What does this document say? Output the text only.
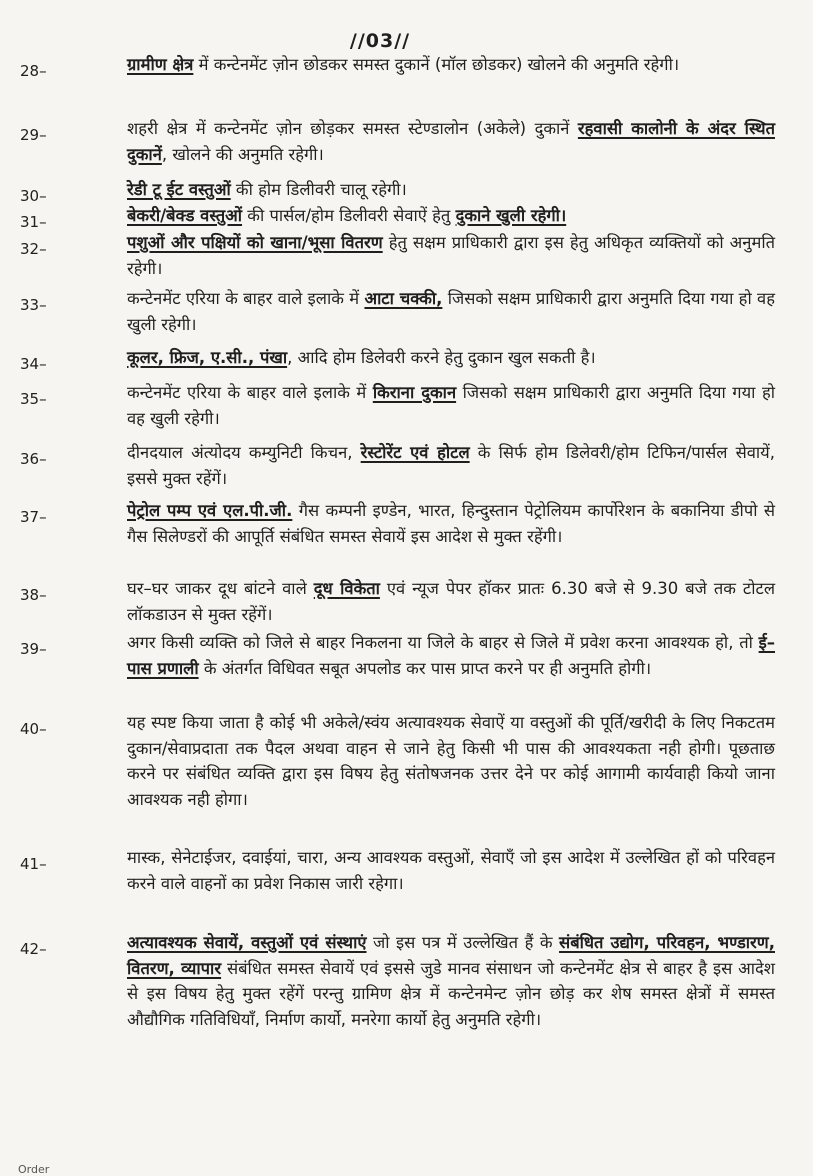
//03//
28–	ग्रामीण क्षेत्र में कन्टेनमेंट ज़ोन छोडकर समस्त दुकानें (मॉल छोडकर) खोलने की अनुमति रहेगी।
29–	शहरी क्षेत्र में कन्टेनमेंट ज़ोन छोड़कर समस्त स्टेण्डालोन (अकेले) दुकानें रहवासी कालोनी के अंदर स्थित दुकानें, खोलने की अनुमति रहेगी।
30–	रेडी टू ईट वस्तुओं की होम डिलीवरी चालू रहेगी।
31–	बेकरी/बेक्ड वस्तुओं की पार्सल/होम डिलीवरी सेवाऐं हेतु दुकाने खुली रहेगी।
32–	पशुओं और पक्षियों को खाना/भूसा वितरण हेतु सक्षम प्राधिकारी द्वारा इस हेतु अधिकृत व्यक्तियों को अनुमति रहेगी।
33–	कन्टेनमेंट एरिया के बाहर वाले इलाके में आटा चक्की, जिसको सक्षम प्राधिकारी द्वारा अनुमति दिया गया हो वह खुली रहेगी।
34–	कूलर, फ्रिज, ए.सी., पंखा, आदि होम डिलेवरी करने हेतु दुकान खुल सकती है।
35–	कन्टेनमेंट एरिया के बाहर वाले इलाके में किराना दुकान जिसको सक्षम प्राधिकारी द्वारा अनुमति दिया गया हो वह खुली रहेगी।
36–	दीनदयाल अंत्योदय कम्युनिटी किचन, रेस्टोरेंट एवं होटल के सिर्फ होम डिलेवरी/होम टिफिन/पार्सल सेवायें, इससे मुक्त रहेंगें।
37–	पेट्रोल पम्प एवं एल.पी.जी. गैस कम्पनी इण्डेन, भारत, हिन्दुस्तान पेट्रोलियम कार्पोरेशन के बकानिया डीपो से गैस सिलेण्डरों की आपूर्ति संबंधित समस्त सेवायें इस आदेश से मुक्त रहेंगी।
38–	घर–घर जाकर दूध बांटने वाले दूध विकेता एवं न्यूज पेपर हॉकर प्रातः 6.30 बजे से 9.30 बजे तक टोटल लॉकडाउन से मुक्त रहेंगें।
39–	अगर किसी व्यक्ति को जिले से बाहर निकलना या जिले के बाहर से जिले में प्रवेश करना आवश्यक हो, तो ई–पास प्रणाली के अंतर्गत विधिवत सबूत अपलोड कर पास प्राप्त करने पर ही अनुमति होगी।
40–	यह स्पष्ट किया जाता है कोई भी अकेले/स्वंय अत्यावश्यक सेवाऐं या वस्तुओं की पूर्ति/खरीदी के लिए निकटतम दुकान/सेवाप्रदाता तक पैदल अथवा वाहन से जाने हेतु किसी भी पास की आवश्यकता नही होगी। पूछताछ करने पर संबंधित व्यक्ति द्वारा इस विषय हेतु संतोषजनक उत्तर देने पर कोई आगामी कार्यवाही कियो जाना आवश्यक नही होगा।
41–	मास्क, सेनेटाईजर, दवाईयां, चारा, अन्य आवश्यक वस्तुओं, सेवाएँ जो इस आदेश में उल्लेखित हों को परिवहन करने वाले वाहनों का प्रवेश निकास जारी रहेगा।
42–	अत्यावश्यक सेवायें, वस्तुओं एवं संस्थाएं जो इस पत्र में उल्लेखित हैं के संबंधित उद्योग, परिवहन, भण्डारण, वितरण, व्यापार संबंधित समस्त सेवायें एवं इससे जुडे मानव संसाधन जो कन्टेनमेंट क्षेत्र से बाहर है इस आदेश से इस विषय हेतु मुक्त रहेंगें परन्तु ग्रामिण क्षेत्र में कन्टेनमेन्ट ज़ोन छोड़ कर शेष समस्त क्षेत्रों में समस्त औद्यौगिक गतिविधियाँ, निर्माण कार्यो, मनरेगा कार्यो हेतु अनुमति रहेगी।
Order
